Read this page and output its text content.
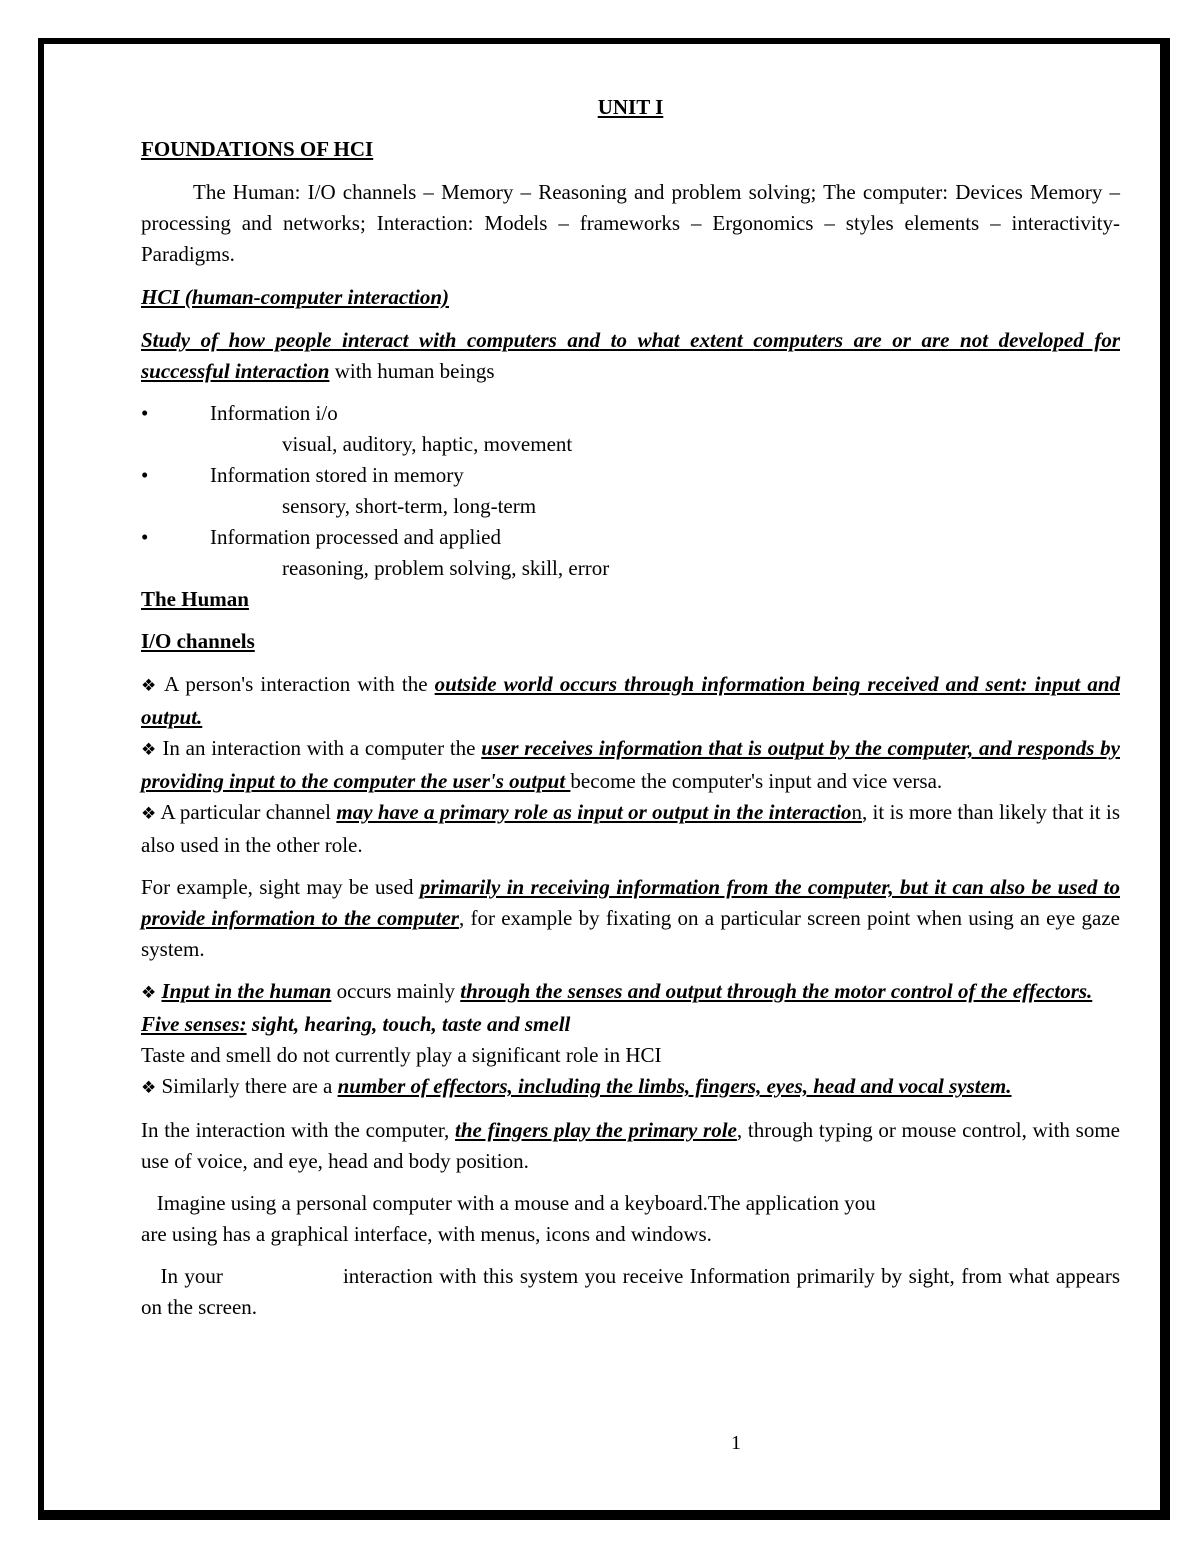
UNIT I

FOUNDATIONS OF HCI

The Human: I/O channels – Memory – Reasoning and problem solving; The computer: Devices Memory – processing and networks; Interaction: Models – frameworks – Ergonomics – styles elements – interactivity- Paradigms.

HCI (human-computer interaction)

Study of how people interact with computers and to what extent computers are or are not developed for successful interaction with human beings

•	Information i/o
visual, auditory, haptic, movement
•	Information stored in memory
sensory, short-term, long-term
•	Information processed and applied
reasoning, problem solving, skill, error

The Human

I/O channels

❖ A person's interaction with the outside world occurs through information being received and sent: input and output.

❖ In an interaction with a computer the user receives information that is output by the computer, and responds by providing input to the computer the user's output become the computer's input and vice versa.

❖ A particular channel may have a primary role as input or output in the interaction, it is more than likely that it is also used in the other role.

For example, sight may be used primarily in receiving information from the computer, but it can also be used to provide information to the computer, for example by fixating on a particular screen point when using an eye gaze system.

❖ Input in the human occurs mainly through the senses and output through the motor control of the effectors.

Five senses: sight, hearing, touch, taste and smell

Taste and smell do not currently play a significant role in HCI

❖ Similarly there are a number of effectors, including the limbs, fingers, eyes, head and vocal system.

In the interaction with the computer, the fingers play the primary role, through typing or mouse control, with some use of voice, and eye, head and body position.

Imagine using a personal computer with a mouse and a keyboard.The application you

are using has a graphical interface, with menus, icons and windows.

In your	interaction with this system you receive Information primarily by sight, from what appears on the screen.

1
